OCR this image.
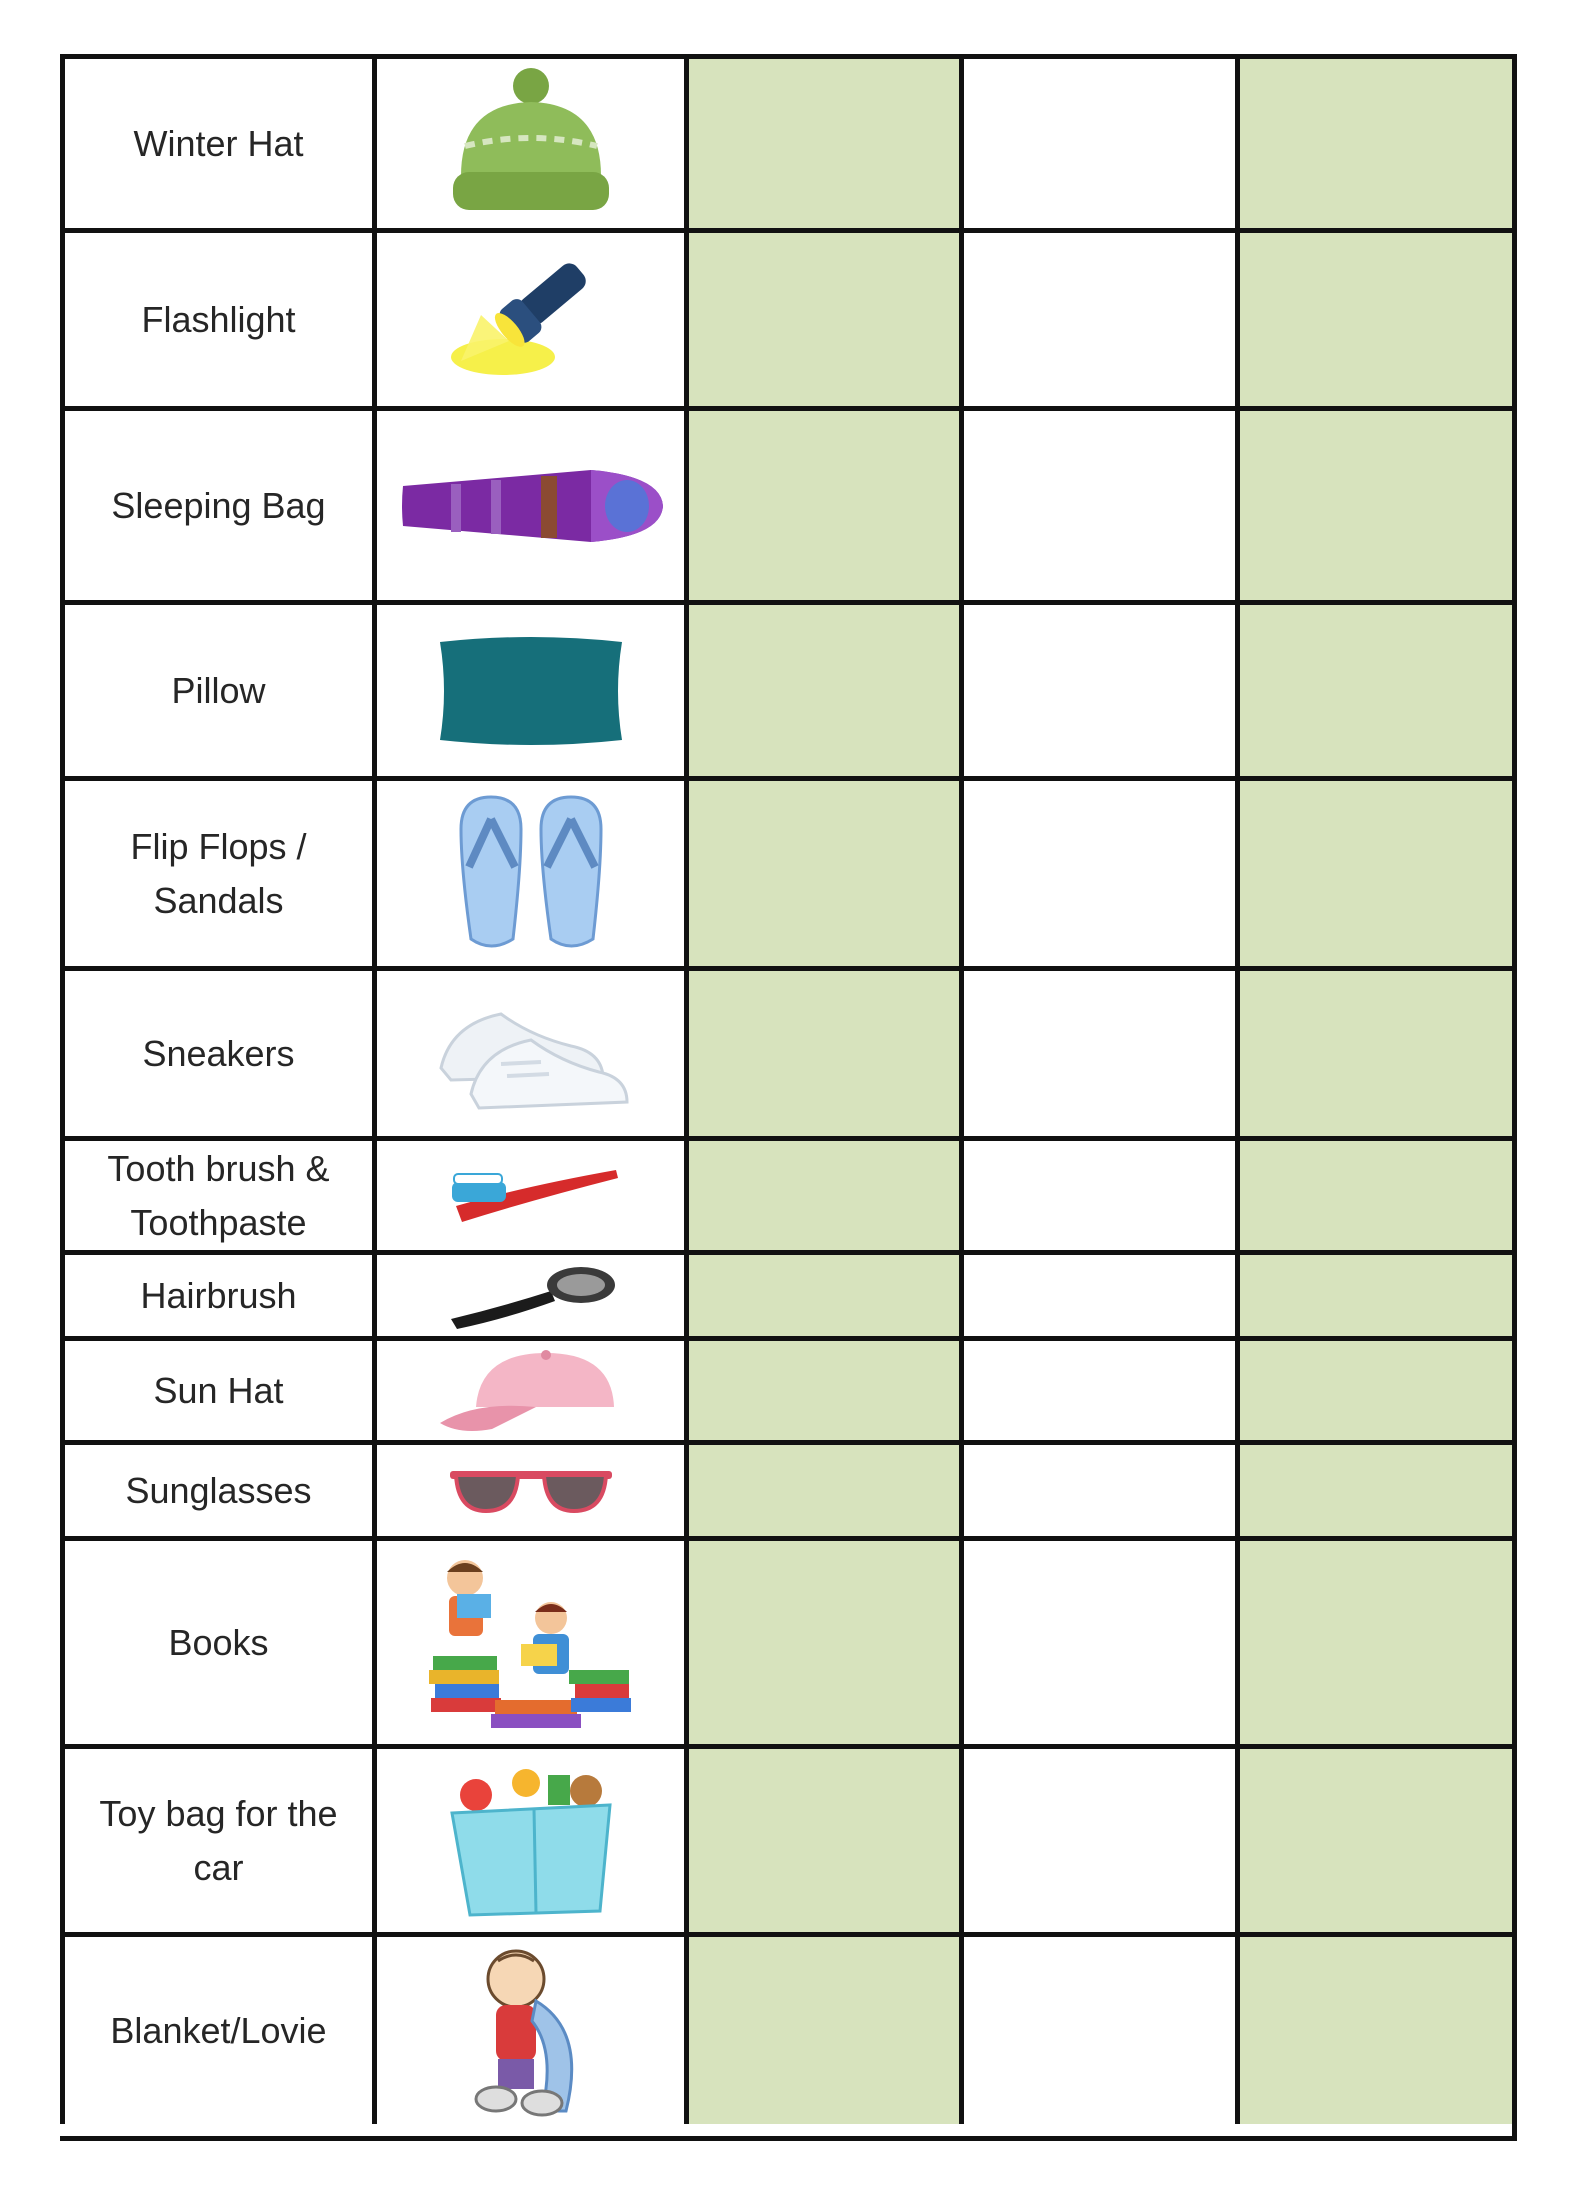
Winter Hat
Flashlight
Sleeping Bag
Pillow
Flip Flops / Sandals
Sneakers
Tooth brush & Toothpaste
Hairbrush
Sun Hat
Sunglasses
Books
Toy bag for the car
Blanket/Lovie
